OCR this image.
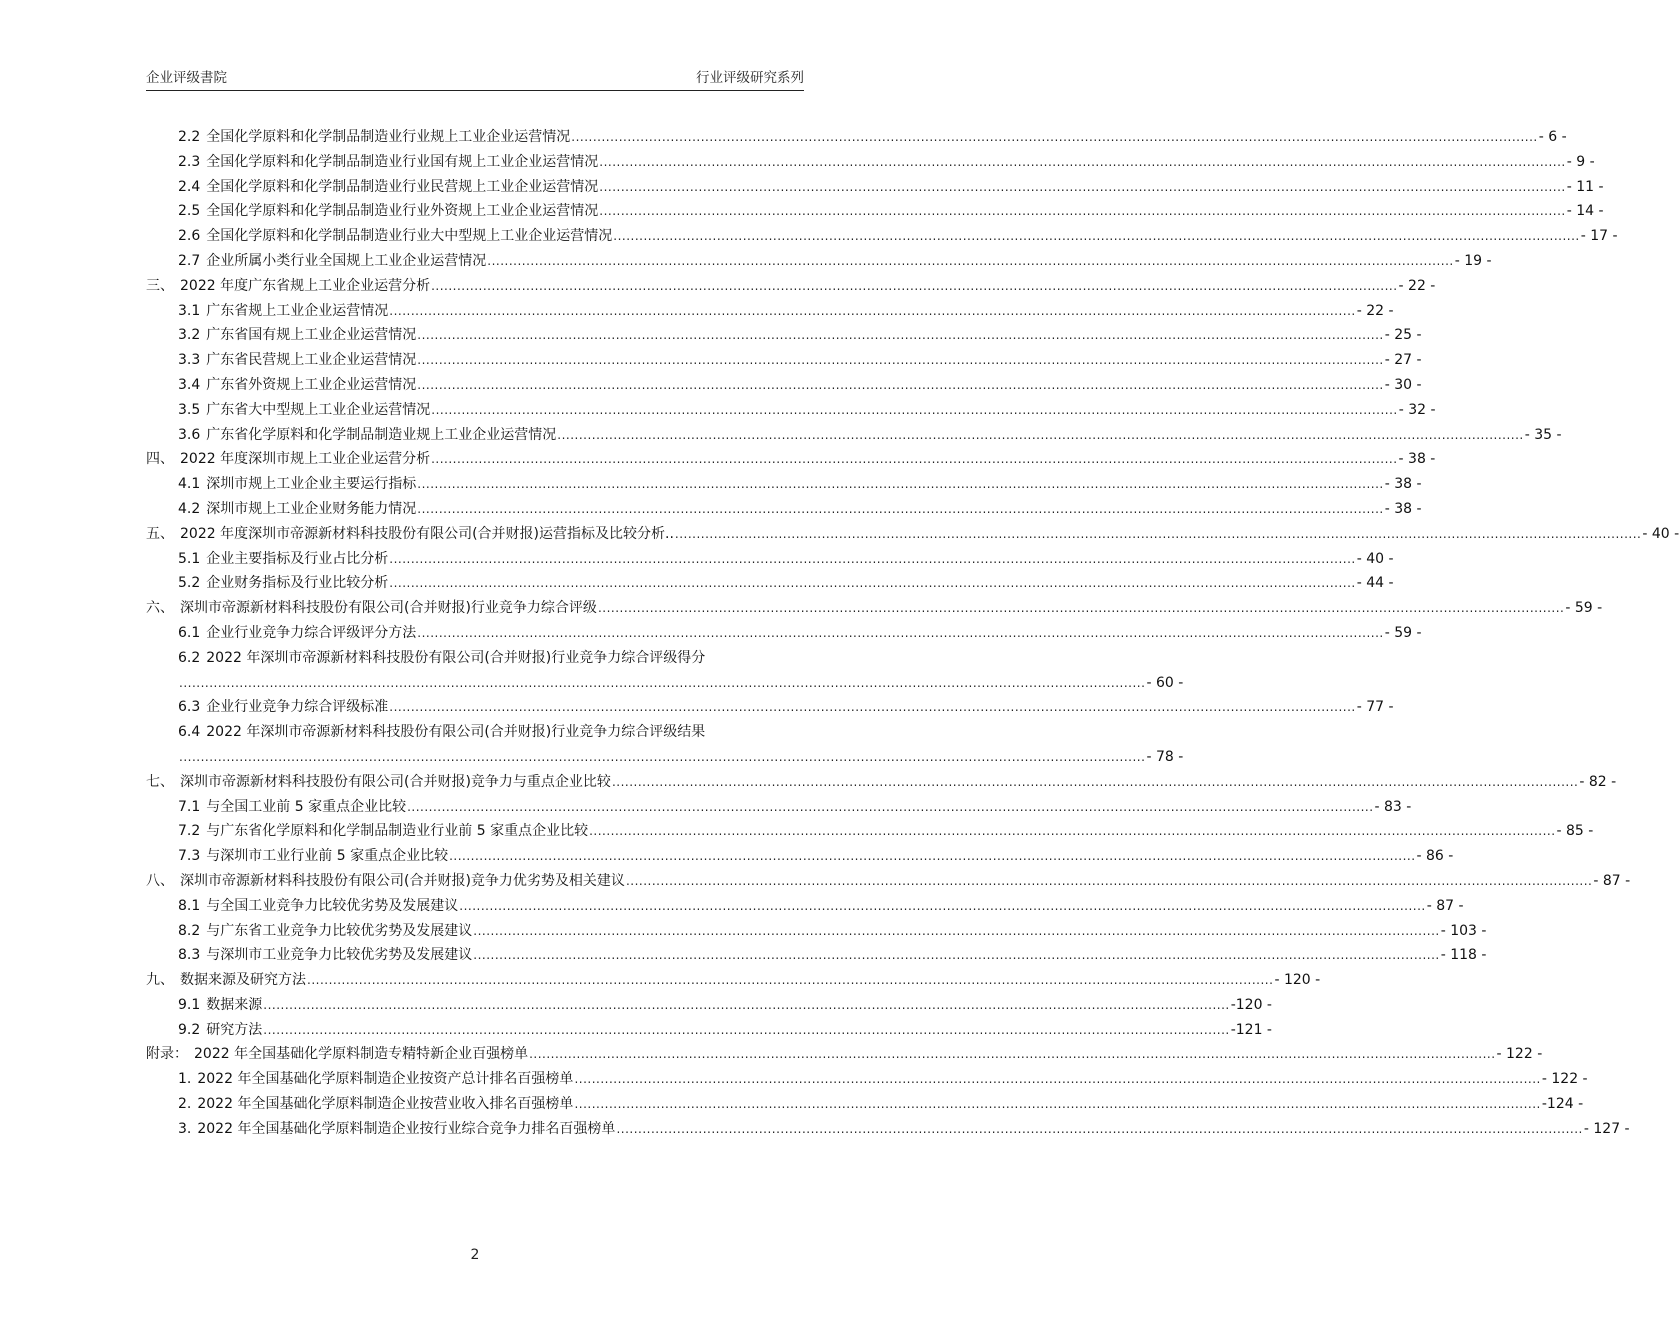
企业评级書院	行业评级研究系列
2.2 全国化学原料和化学制品制造业行业规上工业企业运营情况 .....	- 6 -
2.3 全国化学原料和化学制品制造业行业国有规上工业企业运营情况 .....	- 9 -
2.4 全国化学原料和化学制品制造业行业民营规上工业企业运营情况 .....	- 11 -
2.5 全国化学原料和化学制品制造业行业外资规上工业企业运营情况 .....	- 14 -
2.6 全国化学原料和化学制品制造业行业大中型规上工业企业运营情况 .....	- 17 -
2.7 企业所属小类行业全国规上工业企业运营情况 .....	- 19 -
三、 2022 年度广东省规上工业企业运营分析 .....	- 22 -
3.1 广东省规上工业企业运营情况 .....	- 22 -
3.2 广东省国有规上工业企业运营情况 .....	- 25 -
3.3 广东省民营规上工业企业运营情况 .....	- 27 -
3.4 广东省外资规上工业企业运营情况 .....	- 30 -
3.5 广东省大中型规上工业企业运营情况 .....	- 32 -
3.6 广东省化学原料和化学制品制造业规上工业企业运营情况 .....	- 35 -
四、 2022 年度深圳市规上工业企业运营分析 .....	- 38 -
4.1 深圳市规上工业企业主要运行指标 .....	- 38 -
4.2 深圳市规上工业企业财务能力情况 .....	- 38 -
五、 2022 年度深圳市帝源新材料科技股份有限公司(合并财报)运营指标及比较分析.. .....	- 40 -
5.1 企业主要指标及行业占比分析 .....	- 40 -
5.2 企业财务指标及行业比较分析 .....	- 44 -
六、 深圳市帝源新材料科技股份有限公司(合并财报)行业竞争力综合评级 .....	- 59 -
6.1 企业行业竞争力综合评级评分方法 .....	- 59 -
6.2 2022 年深圳市帝源新材料科技股份有限公司(合并财报)行业竞争力综合评级得分
.....
- 60 -
6.3 企业行业竞争力综合评级标准 .....	- 77 -
6.4 2022 年深圳市帝源新材料科技股份有限公司(合并财报)行业竞争力综合评级结果
.....
- 78 -
七、 深圳市帝源新材料科技股份有限公司(合并财报)竞争力与重点企业比较 .....	- 82 -
7.1 与全国工业前 5 家重点企业比较 .....	- 83 -
7.2 与广东省化学原料和化学制品制造业行业前 5 家重点企业比较 .....	- 85 -
7.3 与深圳市工业行业前 5 家重点企业比较 .....	- 86 -
八、 深圳市帝源新材料科技股份有限公司(合并财报)竞争力优劣势及相关建议 .....	- 87 -
8.1 与全国工业竞争力比较优劣势及发展建议 .....	- 87 -
8.2 与广东省工业竞争力比较优劣势及发展建议 .....	- 103 -
8.3 与深圳市工业竞争力比较优劣势及发展建议 .....	- 118 -
九、 数据来源及研究方法 .....	- 120 -
9.1 数据来源 .....	-120 -
9.2 研究方法 .....	-121 -
附录： 2022 年全国基础化学原料制造专精特新企业百强榜单 .....	- 122 -
1. 2022 年全国基础化学原料制造企业按资产总计排名百强榜单 .....	- 122 -
2. 2022 年全国基础化学原料制造企业按营业收入排名百强榜单 .....	-124 -
3. 2022 年全国基础化学原料制造企业按行业综合竞争力排名百强榜单 .....	- 127 -
2
